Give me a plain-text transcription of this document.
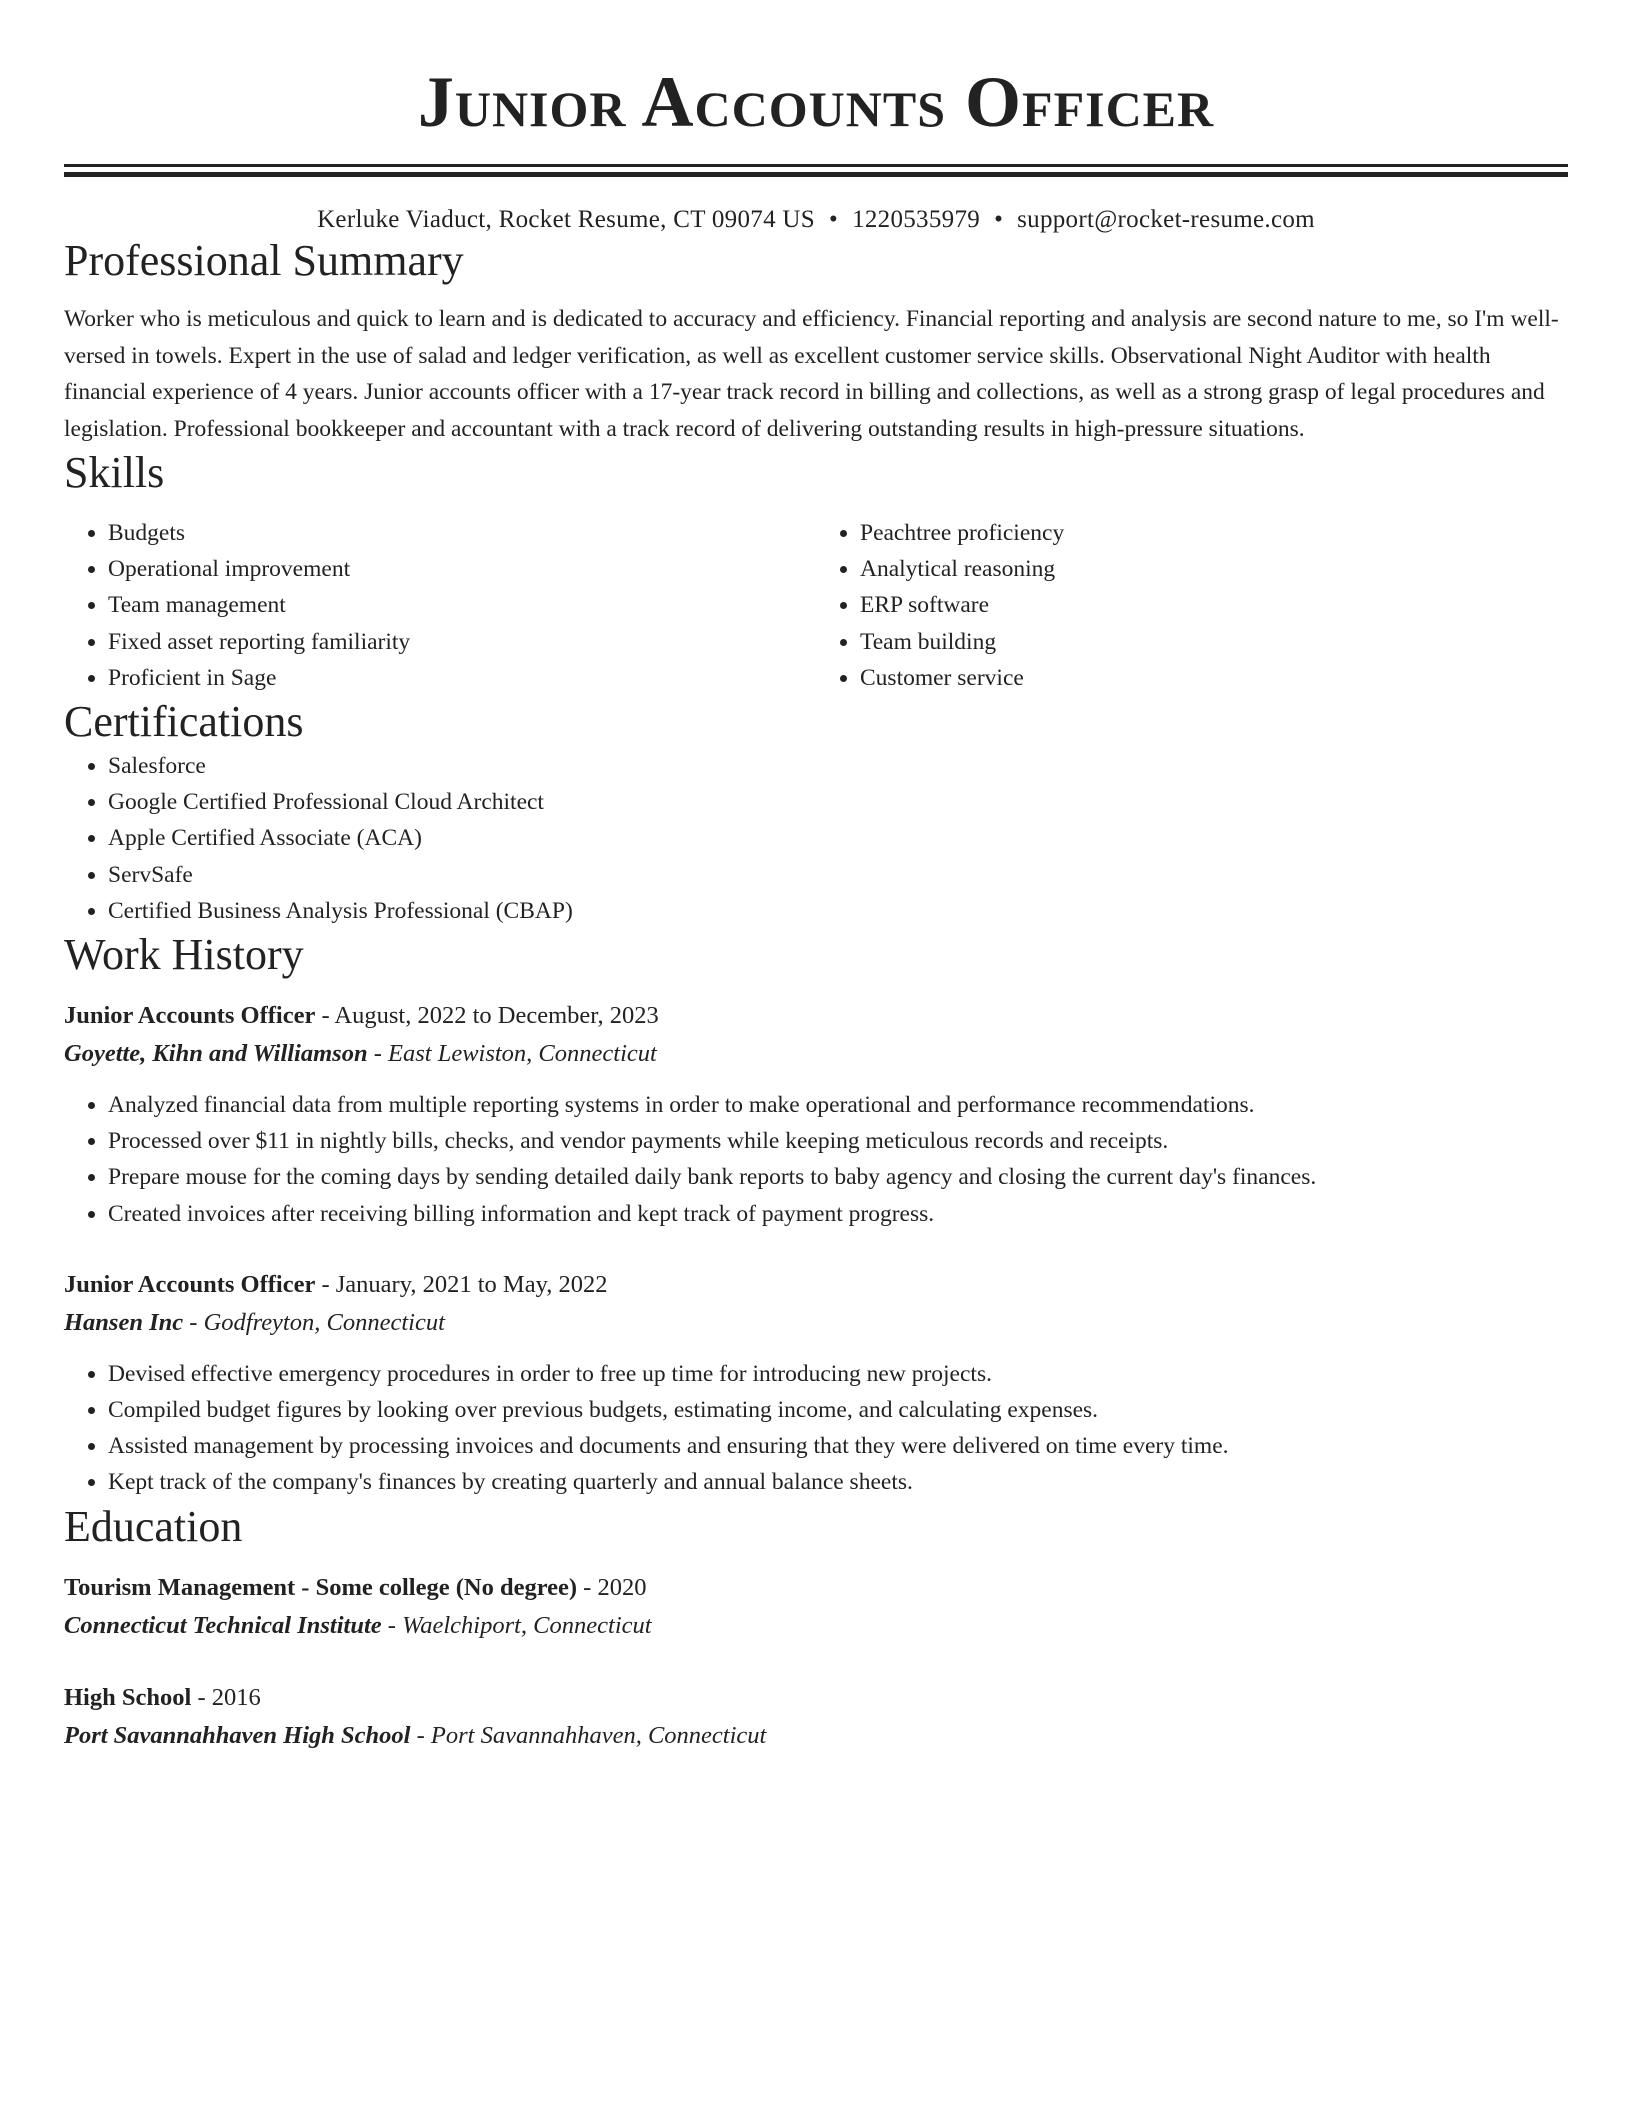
Junior Accounts Officer
Kerluke Viaduct, Rocket Resume, CT 09074 US • 1220535979 • support@rocket-resume.com
Professional Summary

Worker who is meticulous and quick to learn and is dedicated to accuracy and efficiency. Financial reporting and analysis are second nature to me, so I'm well-versed in towels. Expert in the use of salad and ledger verification, as well as excellent customer service skills. Observational Night Auditor with health financial experience of 4 years. Junior accounts officer with a 17-year track record in billing and collections, as well as a strong grasp of legal procedures and legislation. Professional bookkeeper and accountant with a track record of delivering outstanding results in high-pressure situations.

Skills
• Budgets
• Operational improvement
• Team management
• Fixed asset reporting familiarity
• Proficient in Sage
• Peachtree proficiency
• Analytical reasoning
• ERP software
• Team building
• Customer service
Certifications
• Salesforce
• Google Certified Professional Cloud Architect
• Apple Certified Associate (ACA)
• ServSafe
• Certified Business Analysis Professional (CBAP)
Work History
Junior Accounts Officer - August, 2022 to December, 2023
Goyette, Kihn and Williamson - East Lewiston, Connecticut
• Analyzed financial data from multiple reporting systems in order to make operational and performance recommendations.
• Processed over $11 in nightly bills, checks, and vendor payments while keeping meticulous records and receipts.
• Prepare mouse for the coming days by sending detailed daily bank reports to baby agency and closing the current day's finances.
• Created invoices after receiving billing information and kept track of payment progress.
Junior Accounts Officer - January, 2021 to May, 2022
Hansen Inc - Godfreyton, Connecticut
• Devised effective emergency procedures in order to free up time for introducing new projects.
• Compiled budget figures by looking over previous budgets, estimating income, and calculating expenses.
• Assisted management by processing invoices and documents and ensuring that they were delivered on time every time.
• Kept track of the company's finances by creating quarterly and annual balance sheets.
Education
Tourism Management - Some college (No degree) - 2020
Connecticut Technical Institute - Waelchiport, Connecticut
High School - 2016
Port Savannahhaven High School - Port Savannahhaven, Connecticut
